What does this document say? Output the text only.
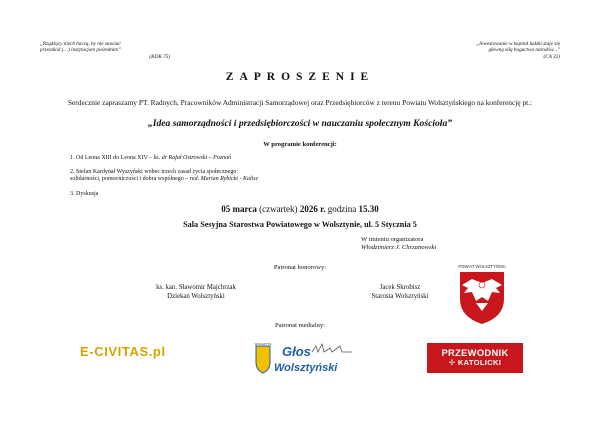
„Rządźący niech baczą, by nie stawiać
przeszkód (…) instytucjom pośrednim”
(KDK 75)
„Inwestowanie w kapitał ludzki staje się
główną siłą bogactwa narodów...”
(CA 32)
ZAPROSZENIE
Serdecznie zapraszamy PT. Radnych, Pracowników Administracji Samorządowej oraz Przedsiębiorców z terenu Powiatu Wolsztyńskiego na konferencję pt.:
„Idea samorządności i przedsiębiorczości w nauczaniu społecznym Kościoła”
W programie konferencji:
1. Od Leona XIII do Leona XIV – ks. dr Rafał Ostrowski – Poznań
2. Stefan Kardynał Wyszyński wobec trzech zasad życia społecznego:
solidarności, pomocniczości i dobra wspólnego – red. Marian Rybicki - Kalisz
3. Dyskusja
05 marca (czwartek) 2026 r. godzina 15.30
Sala Sesyjna Starostwa Powiatowego w Wolsztynie, ul. 5 Stycznia 5
W imieniu organizatora
Włodzimierz J. Chrzanowski
Patronat honorowy:
ks. kan. Sławomir Majchrzak
Dziekan Wolsztyński
Jacek Skrobisz
Starosta Wolsztyński
POWIAT WOLSZTYŃSKI
Patronat medialny:
E-CIVITAS.pl	WOLSZTYN Głos
Wolsztyński
PRZEWODNIK
✢ KATOLICKI
